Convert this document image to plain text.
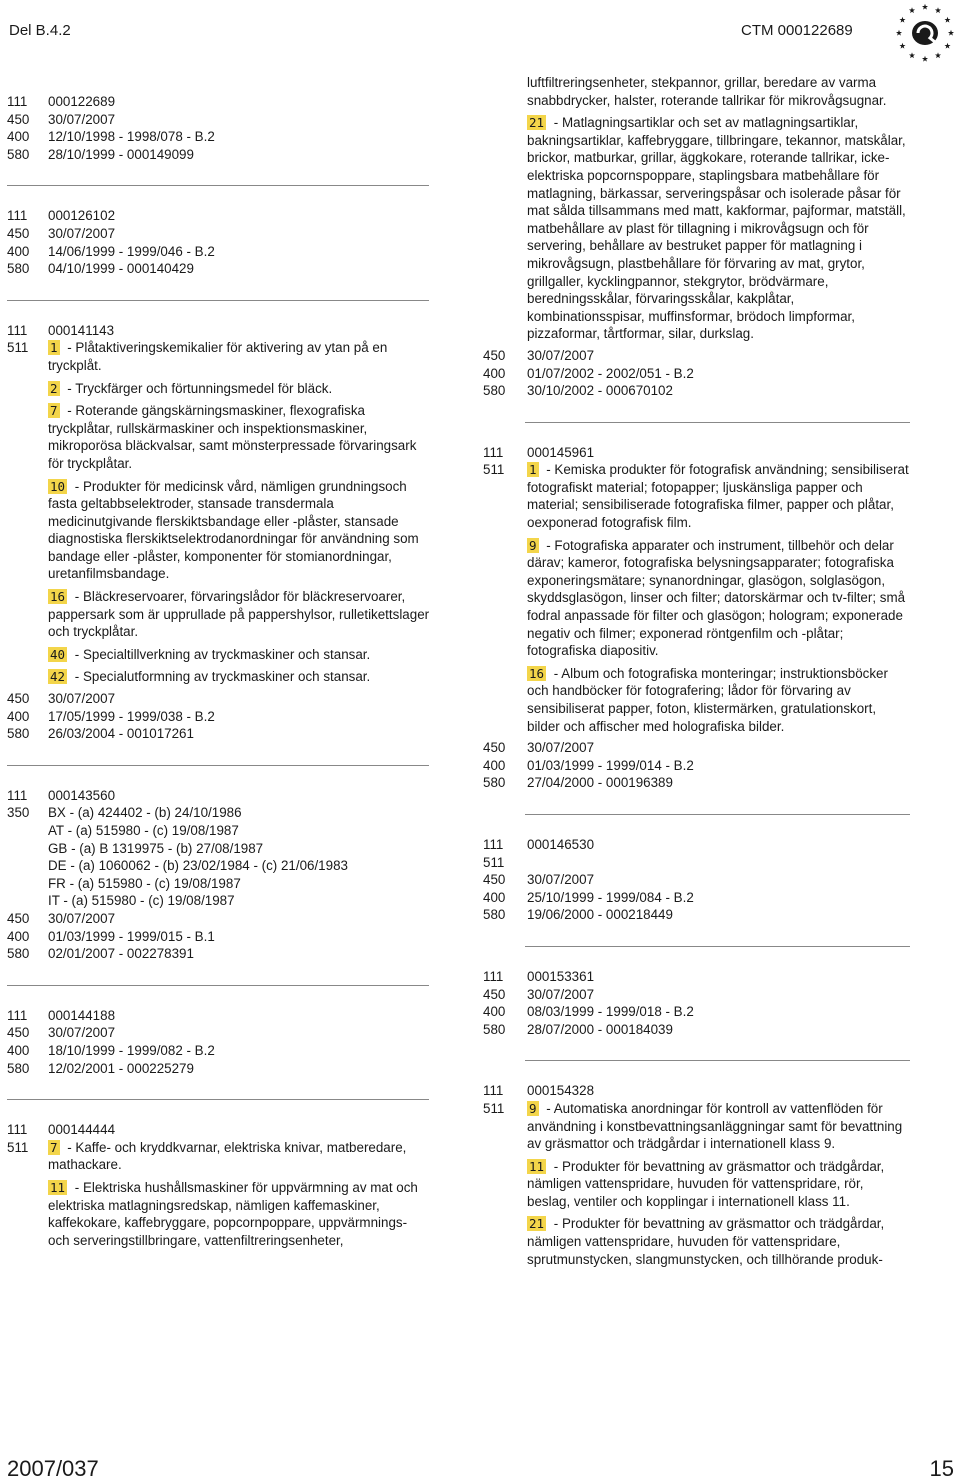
Del B.4.2	CTM 000122689
111	000122689
450	30/07/2007
400	12/10/1998 - 1998/078 - B.2
580	28/10/1999 - 000149099
111	000126102
450	30/07/2007
400	14/06/1999 - 1999/046 - B.2
580	04/10/1999 - 000140429
111	000141143
511	1 - Plåtaktiveringskemikalier för aktivering av ytan på en tryckplåt.
2 - Tryckfärger och förtunningsmedel för bläck.
7 - Roterande gängskärningsmaskiner, flexografiska tryckplåtar, rullskärmaskiner och inspektionsmaskiner, mikroporösa bläckvalsar, samt mönsterpressade förvaringsark för tryckplåtar.
10 - Produkter för medicinsk vård, nämligen grundningsoch fasta geltabbselektroder, stansade transdermala medicinutgivande flerskiktsbandage eller -plåster, stansade diagnostiska flerskiktselektrodanordningar för användning som bandage eller -plåster, komponenter för stomianordningar, uretanfilmsbandage.
16 - Bläckreservoarer, förvaringslådor för bläckreservoarer, pappersark som är upprullade på pappershylsor, rulletikettslager och tryckplåtar.
40 - Specialtillverkning av tryckmaskiner och stansar.
42 - Specialutformning av tryckmaskiner och stansar.
450	30/07/2007
400	17/05/1999 - 1999/038 - B.2
580	26/03/2004 - 001017261
111	000143560
350	BX - (a) 424402 - (b) 24/10/1986
AT - (a) 515980 - (c) 19/08/1987
GB - (a) B 1319975 - (b) 27/08/1987
DE - (a) 1060062 - (b) 23/02/1984 - (c) 21/06/1983
FR - (a) 515980 - (c) 19/08/1987
IT - (a) 515980 - (c) 19/08/1987
450	30/07/2007
400	01/03/1999 - 1999/015 - B.1
580	02/01/2007 - 002278391
111	000144188
450	30/07/2007
400	18/10/1999 - 1999/082 - B.2
580	12/02/2001 - 000225279
111	000144444
511	7 - Kaffe- och kryddkvarnar, elektriska knivar, matberedare, mathackare.
11 - Elektriska hushållsmaskiner för uppvärmning av mat och elektriska matlagningsredskap, nämligen kaffemaskiner, kaffekokare, kaffebryggare, popcornpoppare, uppvärmnings- och serveringstillbringare, vattenfiltreringsenheter,
luftfiltreringsenheter, stekpannor, grillar, beredare av varma snabbdrycker, halster, roterande tallrikar för mikrovågsugnar.
21 - Matlagningsartiklar och set av matlagningsartiklar, bakningsartiklar, kaffebryggare, tillbringare, tekannor, matskålar, brickor, matburkar, grillar, äggkokare, roterande tallrikar, icke-elektriska popcornspoppare, staplingsbara matbehållare för matlagning, bärkassar, serveringspåsar och isolerade påsar för mat sålda tillsammans med matt, kakformar, pajformar, matställ, matbehållare av plast för tillagning i mikrovågsugn och för servering, behållare av bestruket papper för matlagning i mikrovågsugn, plastbehållare för förvaring av mat, grytor, grillgaller, kycklingpannor, stekgrytor, brödvärmare, beredningsskålar, förvaringsskålar, kakplåtar, kombinationsspisar, muffinsformar, brödoch limpformar, pizzaformar, tårtformar, silar, durkslag.
450	30/07/2007
400	01/07/2002 - 2002/051 - B.2
580	30/10/2002 - 000670102
111	000145961
511	1 - Kemiska produkter för fotografisk användning; sensibiliserat fotografiskt material; fotopapper; ljuskänsliga papper och material; sensibiliserade fotografiska filmer, papper och plåtar, oexponerad fotografisk film.
9 - Fotografiska apparater och instrument, tillbehör och delar därav; kameror, fotografiska belysningsapparater; fotografiska exponeringsmätare; synanordningar, glasögon, solglasögon, skyddsglasögon, linser och filter; datorskärmar och tv-filter; små fodral anpassade för filter och glasögon; hologram; exponerade negativ och filmer; exponerad röntgenfilm och -plåtar; fotografiska diapositiv.
16 - Album och fotografiska monteringar; instruktionsböcker och handböcker för fotografering; lådor för förvaring av sensibiliserat papper, foton, klistermärken, gratulationskort, bilder och affischer med holografiska bilder.
450	30/07/2007
400	01/03/1999 - 1999/014 - B.2
580	27/04/2000 - 000196389
111	000146530
511
450	30/07/2007
400	25/10/1999 - 1999/084 - B.2
580	19/06/2000 - 000218449
111	000153361
450	30/07/2007
400	08/03/1999 - 1999/018 - B.2
580	28/07/2000 - 000184039
111	000154328
511	9 - Automatiska anordningar för kontroll av vattenflöden för användning i konstbevattningsanläggningar samt för bevattning av gräsmattor och trädgårdar i internationell klass 9.
11 - Produkter för bevattning av gräsmattor och trädgårdar, nämligen vattenspridare, huvuden för vattenspridare, rör, beslag, ventiler och kopplingar i internationell klass 11.
21 - Produkter för bevattning av gräsmattor och trädgårdar, nämligen vattenspridare, huvuden för vattenspridare, sprutmunstycken, slangmunstycken, och tillhörande produk-
2007/037	15
